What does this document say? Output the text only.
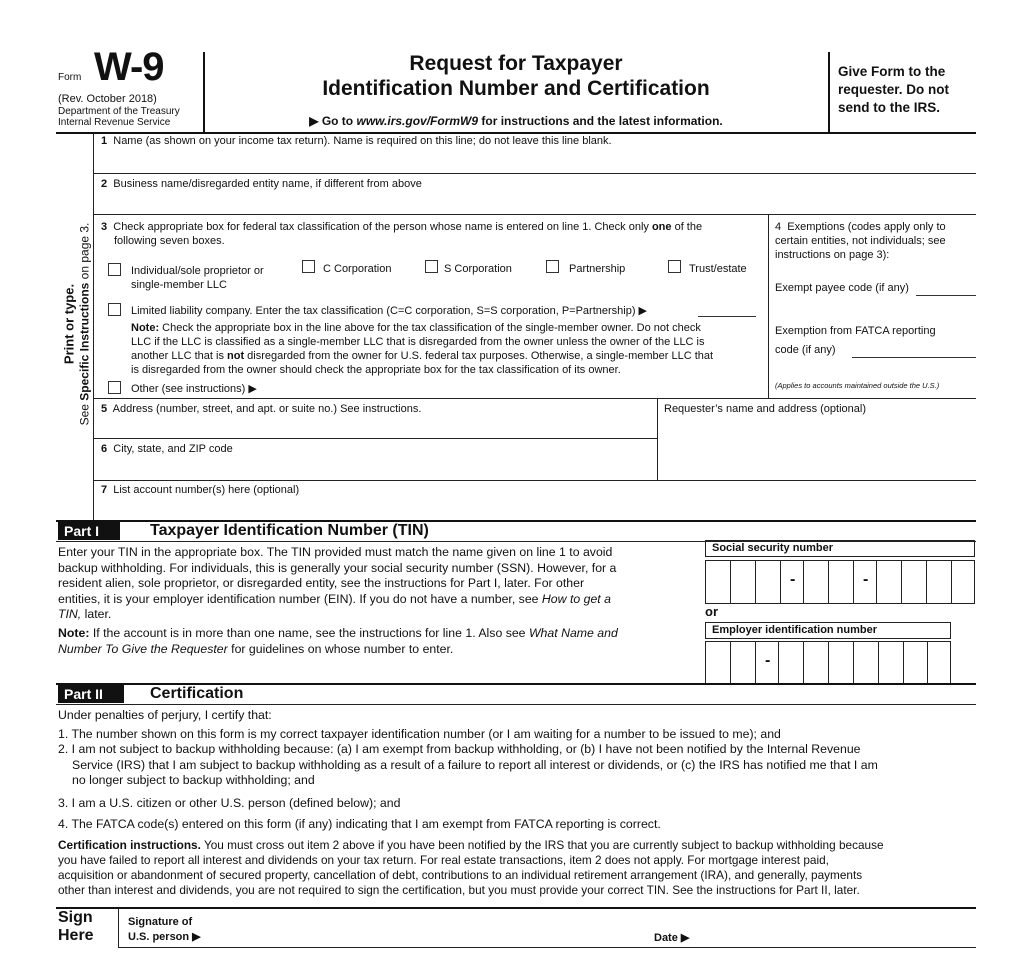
Form W-9
(Rev. October 2018)
Department of the Treasury
Internal Revenue Service
Request for Taxpayer
Identification Number and Certification
▶ Go to www.irs.gov/FormW9 for instructions and the latest information.
Give Form to the
requester. Do not
send to the IRS.
Print or type.
See Specific Instructions on page 3.
1 Name (as shown on your income tax return). Name is required on this line; do not leave this line blank.
2 Business name/disregarded entity name, if different from above
3 Check appropriate box for federal tax classification of the person whose name is entered on line 1. Check only one of the
following seven boxes.
Individual/sole proprietor or
single-member LLC
C Corporation	S Corporation	Partnership	Trust/estate
Limited liability company. Enter the tax classification (C=C corporation, S=S corporation, P=Partnership) ▶
Note: Check the appropriate box in the line above for the tax classification of the single-member owner. Do not check
LLC if the LLC is classified as a single-member LLC that is disregarded from the owner unless the owner of the LLC is
another LLC that is not disregarded from the owner for U.S. federal tax purposes. Otherwise, a single-member LLC that
is disregarded from the owner should check the appropriate box for the tax classification of its owner.
Other (see instructions) ▶
4 Exemptions (codes apply only to
certain entities, not individuals; see
instructions on page 3):
Exempt payee code (if any)
Exemption from FATCA reporting
code (if any)
(Applies to accounts maintained outside the U.S.)
5 Address (number, street, and apt. or suite no.) See instructions.	Requester’s name and address (optional)
6 City, state, and ZIP code
7 List account number(s) here (optional)
Part I	Taxpayer Identification Number (TIN)
Enter your TIN in the appropriate box. The TIN provided must match the name given on line 1 to avoid
backup withholding. For individuals, this is generally your social security number (SSN). However, for a
resident alien, sole proprietor, or disregarded entity, see the instructions for Part I, later. For other
entities, it is your employer identification number (EIN). If you do not have a number, see How to get a
TIN, later.
Note: If the account is in more than one name, see the instructions for line 1. Also see What Name and
Number To Give the Requester for guidelines on whose number to enter.
Social security number
-	-
or
Employer identification number
-
Part II	Certification
Under penalties of perjury, I certify that:
1. The number shown on this form is my correct taxpayer identification number (or I am waiting for a number to be issued to me); and
2. I am not subject to backup withholding because: (a) I am exempt from backup withholding, or (b) I have not been notified by the Internal Revenue
Service (IRS) that I am subject to backup withholding as a result of a failure to report all interest or dividends, or (c) the IRS has notified me that I am
no longer subject to backup withholding; and
3. I am a U.S. citizen or other U.S. person (defined below); and
4. The FATCA code(s) entered on this form (if any) indicating that I am exempt from FATCA reporting is correct.
Certification instructions. You must cross out item 2 above if you have been notified by the IRS that you are currently subject to backup withholding because
you have failed to report all interest and dividends on your tax return. For real estate transactions, item 2 does not apply. For mortgage interest paid,
acquisition or abandonment of secured property, cancellation of debt, contributions to an individual retirement arrangement (IRA), and generally, payments
other than interest and dividends, you are not required to sign the certification, but you must provide your correct TIN. See the instructions for Part II, later.
Sign
Here
Signature of
U.S. person ▶	Date ▶
